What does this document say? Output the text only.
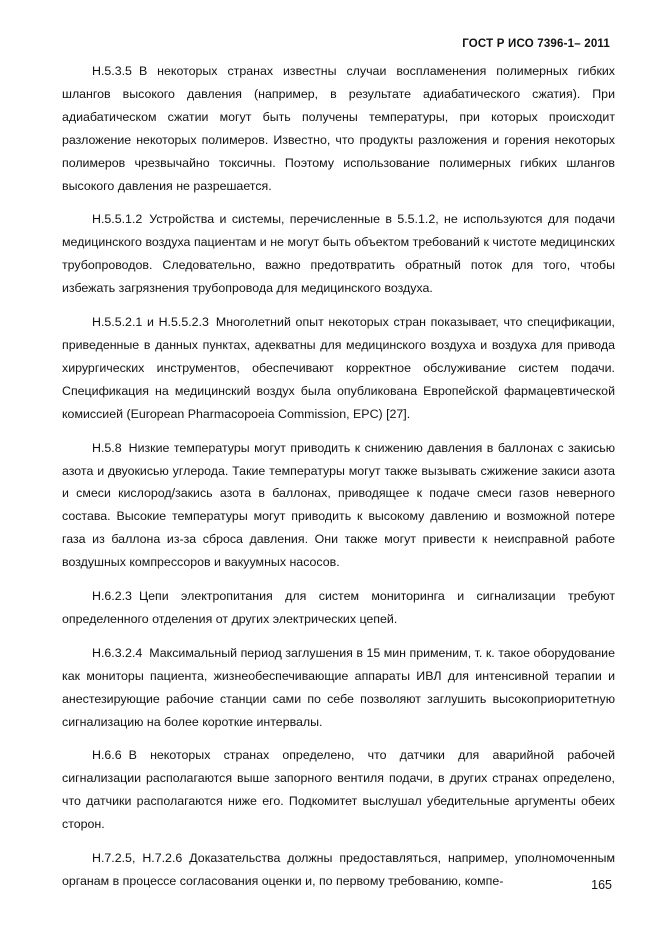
ГОСТ Р ИСО 7396-1– 2011

Н.5.3.5 В некоторых странах известны случаи воспламенения полимерных гибких шлангов высокого давления (например, в результате адиабатического сжатия). При адиабатическом сжатии могут быть получены температуры, при которых происходит разложение некоторых полимеров. Известно, что продукты разложения и горения некоторых полимеров чрезвычайно токсичны. Поэтому использование полимерных гибких шлангов высокого давления не разрешается.

Н.5.5.1.2 Устройства и системы, перечисленные в 5.5.1.2, не используются для подачи медицинского воздуха пациентам и не могут быть объектом требований к чистоте медицинских трубопроводов. Следовательно, важно предотвратить обратный поток для того, чтобы избежать загрязнения трубопровода для медицинского воздуха.

Н.5.5.2.1 и Н.5.5.2.3 Многолетний опыт некоторых стран показывает, что спецификации, приведенные в данных пунктах, адекватны для медицинского воздуха и воздуха для привода хирургических инструментов, обеспечивают корректное обслуживание систем подачи. Спецификация на медицинский воздух была опубликована Европейской фармацевтической комиссией (European Pharmacopoeia Commission, EPC) [27].

Н.5.8 Низкие температуры могут приводить к снижению давления в баллонах с закисью азота и двуокисью углерода. Такие температуры могут также вызывать сжижение закиси азота и смеси кислород/закись азота в баллонах, приводящее к подаче смеси газов неверного состава. Высокие температуры могут приводить к высокому давлению и возможной потере газа из баллона из-за сброса давления. Они также могут привести к неисправной работе воздушных компрессоров и вакуумных насосов.

Н.6.2.3 Цепи электропитания для систем мониторинга и сигнализации требуют определенного отделения от других электрических цепей.

Н.6.3.2.4 Максимальный период заглушения в 15 мин применим, т. к. такое оборудование как мониторы пациента, жизнеобеспечивающие аппараты ИВЛ для интенсивной терапии и анестезирующие рабочие станции сами по себе позволяют заглушить высокоприоритетную сигнализацию на более короткие интервалы.

Н.6.6 В некоторых странах определено, что датчики для аварийной рабочей сигнализации располагаются выше запорного вентиля подачи, в других странах определено, что датчики располагаются ниже его. Подкомитет выслушал убедительные аргументы обеих сторон.

Н.7.2.5, Н.7.2.6 Доказательства должны предоставляться, например, уполномоченным органам в процессе согласования оценки и, по первому требованию, компе-	165
